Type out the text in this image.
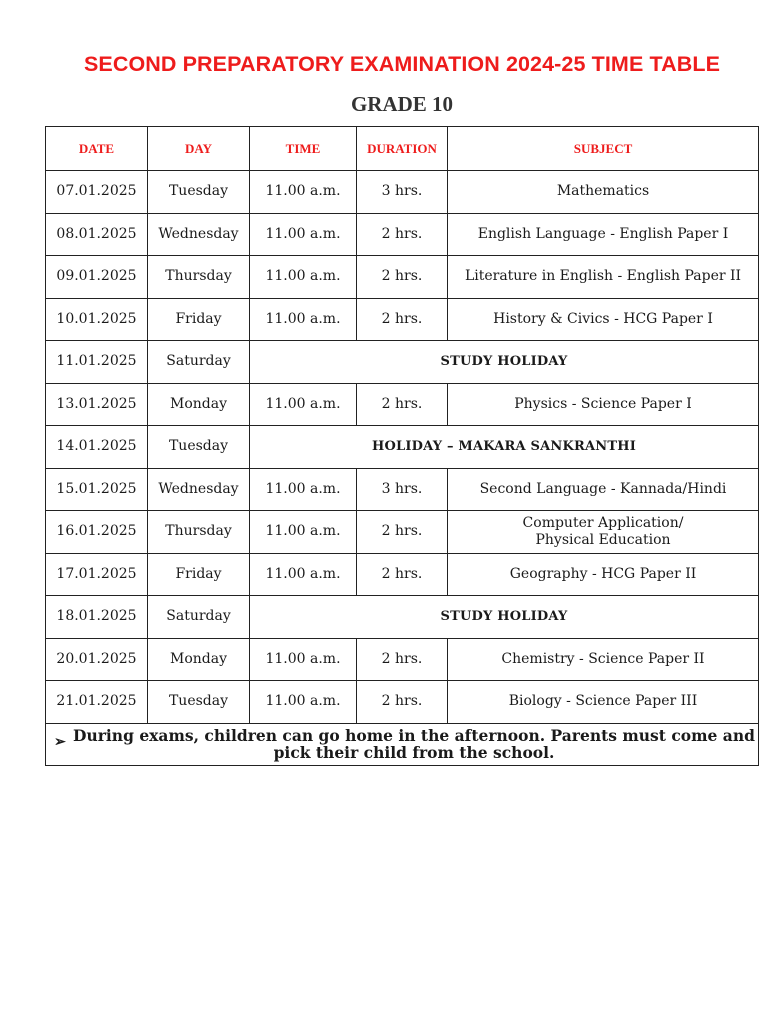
SECOND PREPARATORY EXAMINATION 2024-25 TIME TABLE
GRADE 10
DATE	DAY	TIME	DURATION	SUBJECT
07.01.2025	Tuesday	11.00 a.m.	3 hrs.	Mathematics
08.01.2025	Wednesday	11.00 a.m.	2 hrs.	English Language - English Paper I
09.01.2025	Thursday	11.00 a.m.	2 hrs.	Literature in English - English Paper II
10.01.2025	Friday	11.00 a.m.	2 hrs.	History & Civics - HCG Paper I
11.01.2025	Saturday	STUDY HOLIDAY		
13.01.2025	Monday	11.00 a.m.	2 hrs.	Physics - Science Paper I
14.01.2025	Tuesday	HOLIDAY – MAKARA SANKRANTHI		
15.01.2025	Wednesday	11.00 a.m.	3 hrs.	Second Language - Kannada/Hindi
16.01.2025	Thursday	11.00 a.m.	2 hrs.	Computer Application/
Physical Education

17.01.2025	Friday	11.00 a.m.	2 hrs.	Geography - HCG Paper II
18.01.2025	Saturday	STUDY HOLIDAY		
20.01.2025	Monday	11.00 a.m.	2 hrs.	Chemistry - Science Paper II
21.01.2025	Tuesday	11.00 a.m.	2 hrs.	Biology - Science Paper III

➢ During exams, children can go home in the afternoon. Parents must come and pick their child from the school.				
